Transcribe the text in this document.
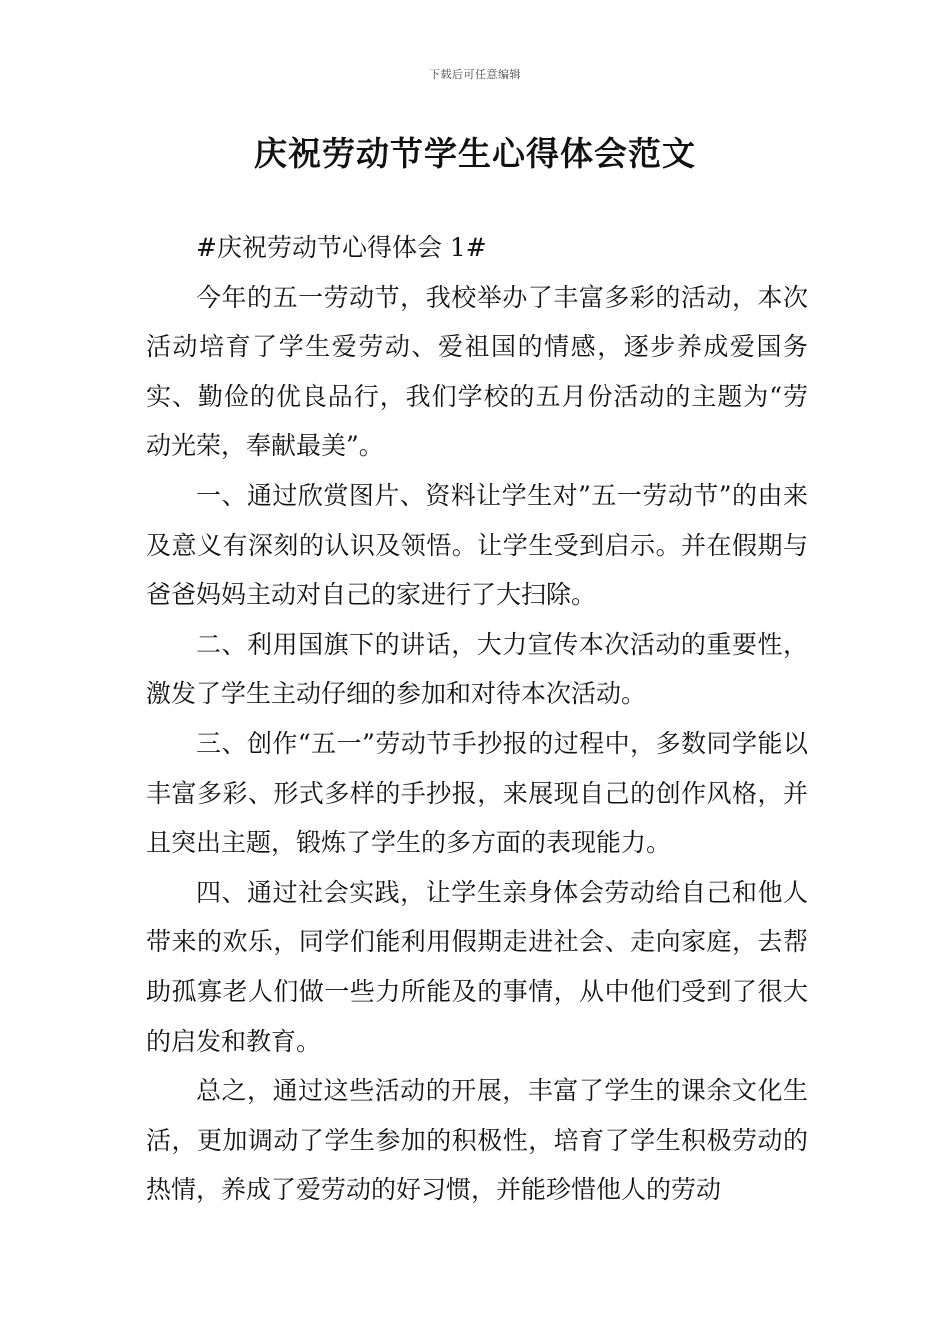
下载后可任意编辑
庆祝劳动节学生心得体会范文

#庆祝劳动节心得体会 1#

今年的五一劳动节，我校举办了丰富多彩的活动，本次活动培育了学生爱劳动、爱祖国的情感，逐步养成爱国务实、勤俭的优良品行，我们学校的五月份活动的主题为“劳动光荣，奉献最美”。

一、通过欣赏图片、资料让学生对”五一劳动节”的由来及意义有深刻的认识及领悟。让学生受到启示。并在假期与爸爸妈妈主动对自己的家进行了大扫除。

二、利用国旗下的讲话，大力宣传本次活动的重要性，激发了学生主动仔细的参加和对待本次活动。

三、创作“五一”劳动节手抄报的过程中，多数同学能以丰富多彩、形式多样的手抄报，来展现自己的创作风格，并且突出主题，锻炼了学生的多方面的表现能力。

四、通过社会实践，让学生亲身体会劳动给自己和他人带来的欢乐，同学们能利用假期走进社会、走向家庭，去帮助孤寡老人们做一些力所能及的事情，从中他们受到了很大的启发和教育。

总之，通过这些活动的开展，丰富了学生的课余文化生活，更加调动了学生参加的积极性，培育了学生积极劳动的热情，养成了爱劳动的好习惯，并能珍惜他人的劳动
